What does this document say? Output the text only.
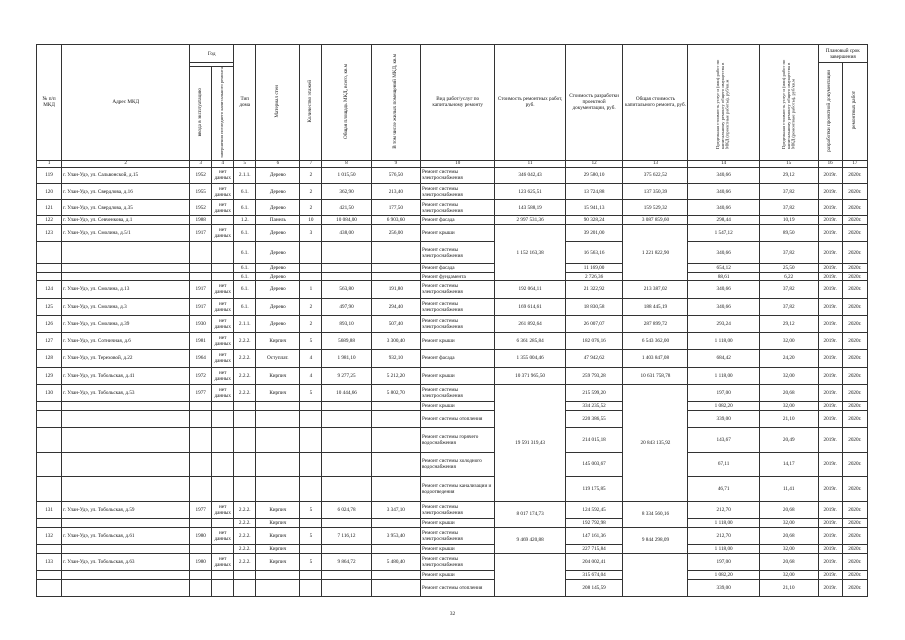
№ п/п МКД	Адрес МКД	Год		Тип дома	Материал стен	Количество этажей	Общая площадь МКД, всего, кв.м	В том числе жилых помещений МКД, кв.м	Вид работ/услуг по капитальному ремонту	Стоимость ремонтных работ, руб.	Стоимость разработки проектной документации, руб.	Общая стоимость капитального ремонта, руб.	Предельная стоимость услуг и (или) работ по капитальному ремонту общего имущества в МКД (проектные работы), руб/кв.м	Предельная стоимость услуг и (или) работ по капитальному ремонту общего имущества в МКД (ремонтные работы), руб/кв.м	Плановый срок завершения	
															разработки проектной документации	ремонтных работ
		ввода в эксплуатацию	завершения последнего капитального ремонта													
1	2	3	4	5	6	7	8	9	10	11	12	13	14	15	16	17
119	г. Улан-Удэ, ул. Сальвонской, д.15	1952	нет данных	2.1.1.	Дерево	2	1 015,50	576,50	Ремонт системы электроснабжения	346 042,43	29 580,10	375 622,52	340,66	29,12	2019г.	2020г.
120	г. Улан-Удэ, ул. Свердлова, д.16	1955	нет данных	6.1.	Дерево	2	362,90	213,40	Ремонт системы электроснабжения	123 625,51	13 724,88	137 350,39	340,66	37,82	2019г.	2020г.
121	г. Улан-Удэ, ул. Свердлова, д.35	1952	нет данных	6.1.	Дерево	2	421,50	177,50	Ремонт системы электроснабжения	143 588,19	15 941,13	159 529,32	340,66	37,82	2019г.	2020г.
122	г. Улан-Удэ, ул. Севченкова, д.1	1988		1.2.	Панель	10	10 084,00	6 903,60	Ремонт фасада	2 997 531,36	90 328,24	3 087 859,60	298,44	10,19	2019г.	2020г.
123	г. Улан-Удэ, ул. Смолина, д.5/1	1917	нет данных	6.1.	Дерево	3	438,00	256,00	Ремонт крыши	1 152 163,38	39 201,00	1 221 822,90	1 547,12	89,50	2019г.	2020г.
				6.1.	Дерево				Ремонт системы электроснабжения		16 563,16		340,66	37,82	2019г.	2020г.
				6.1.	Дерево				Ремонт фасада		11 169,00		654,12	25,50	2019г.	2020г.
				6.1.	Дерево				Ремонт фундамента		2 726,36		88,61	6,22	2019г.	2020г.
124	г. Улан-Удэ, ул. Смолина, д.13	1917	нет данных	6.1.	Дерево	1	563,80	191,80	Ремонт системы электроснабжения	192 064,11	21 322,92	213 387,02	340,66	37,82	2019г.	2020г.
125	г. Улан-Удэ, ул. Смолина, д.3	1917	нет данных	6.1.	Дерево	2	497,90	294,40	Ремонт системы электроснабжения	169 614,61	18 830,58	188 445,19	340,66	37,82	2019г.	2020г.
126	г. Улан-Удэ, ул. Смолина, д.39	1930	нет данных	2.1.1.	Дерево	2	893,10	507,40	Ремонт системы электроснабжения	261 892,64	26 007,07	287 899,72	293,24	29,12	2019г.	2020г.
127	г. Улан-Удэ, ул. Сотничная, д.6	1981	нет данных	2.2.2.	Кирпич	5	5689,88	3 300,40	Ремонт крыши	6 361 285,84	182 076,16	6 543 362,00	1 118,00	32,00	2019г.	2020г.
128	г. Улан-Удэ, ул. Тереховой, д.22	1964	нет данных	2.2.2.	Оступлат.	4	1 981,10	932,10	Ремонт фасада	1 355 004,46	47 942,62	1 403 847,08	684,42	24,20	2019г.	2020г.
129	г. Улан-Удэ, ул. Тобольская, д.41	1972	нет данных	2.2.2.	Кирпич	4	9 277,25	5 212,20	Ремонт крыши	10 371 965,50	259 793,28	10 631 758,78	1 118,00	32,00	2019г.	2020г.
130	г. Улан-Удэ, ул. Тобольская, д.53	1977	нет данных	2.2.2.	Кирпич	5	10 444,66	5 802,70	Ремонт системы электроснабжения	19 591 319,43	215 599,20	20 843 135,92	197,00	20,68	2019г.	2020г.
									Ремонт крыши		334 235,52		1 082,20	32,00	2019г.	2020г.
									Ремонт системы отопления		220 386,55		339,00	21,10	2019г.	2020г.
									Ремонт системы горячего водоснабжения		214 015,18		143,67	20,49	2019г.	2020г.
									Ремонт системы холодного водоснабжения		145 003,67		67,11	14,17	2019г.	2020г.
									Ремонт системы канализации и водоотведения		119 175,85		46,71	11,41	2019г.	2020г.
131	г. Улан-Удэ, ул. Тобольская, д.59	1977	нет данных	2.2.2.	Кирпич	5	6 024,78	3 347,10	Ремонт системы электроснабжения	8 017 174,73	124 592,45	8 334 560,16	212,70	20,68	2019г.	2020г.
				2.2.2.	Кирпич				Ремонт крыши		192 792,98		1 118,00	32,00	2019г.	2020г.
132	г. Улан-Удэ, ул. Тобольская, д.61	1980	нет данных	2.2.2.	Кирпич	5	7 116,12	3 953,40	Ремонт системы электроснабжения	9 469 420,88	147 161,36	9 844 298,09	212,70	20,68	2019г.	2020г.
				2.2.2.	Кирпич				Ремонт крыши		227 715,84		1 118,00	32,00	2019г.	2020г.
133	г. Улан-Удэ, ул. Тобольская, д.63	1980	нет данных	2.2.2.	Кирпич	5	9 864,72	5 480,40	Ремонт системы электроснабжения		204 002,41		197,00	20,68	2019г.	2020г.
									Ремонт крыши		315 674,04		1 082,20	32,00	2019г.	2020г.
									Ремонт системы отопления		208 145,59		339,00	21,10	2019г.	2020г.
32
